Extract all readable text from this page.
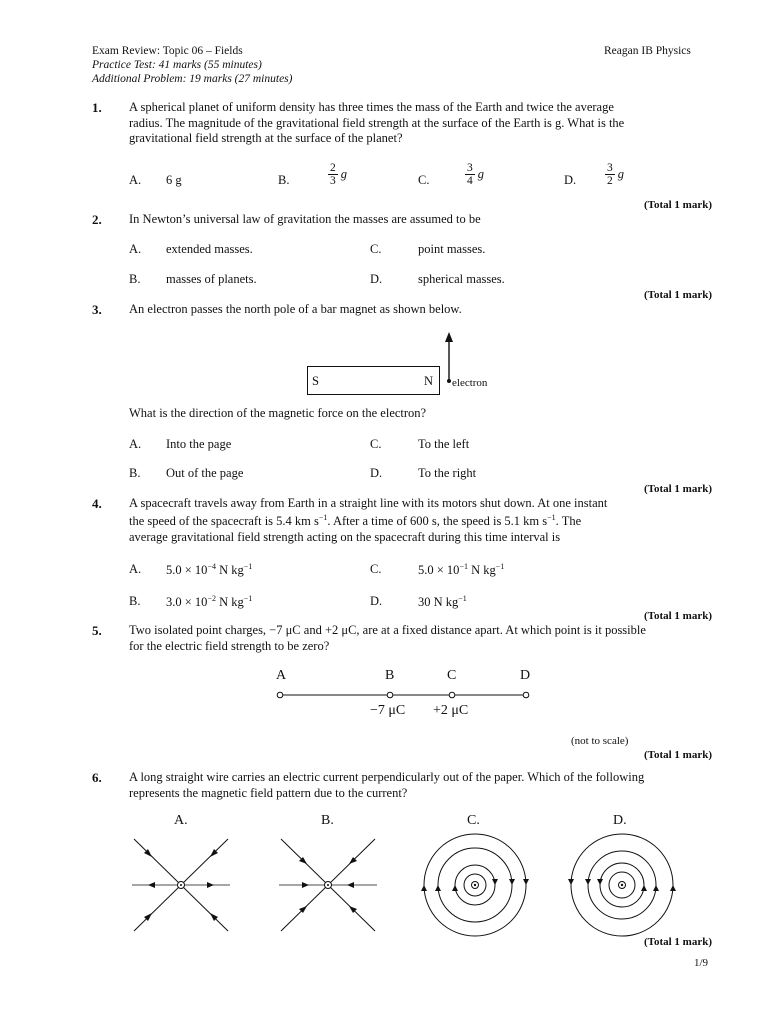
Exam Review: Topic 06 – Fields	Reagan IB Physics
Practice Test: 41 marks (55 minutes)
Additional Problem: 19 marks (27 minutes)
1. A spherical planet of uniform density has three times the mass of the Earth and twice the average radius. The magnitude of the gravitational field strength at the surface of the Earth is g. What is the gravitational field strength at the surface of the planet?
A. 6 g	B.	$\frac{2}{3}$ g	C.	$\frac{3}{4}$ g	D.	$\frac{3}{2}$ g
(Total 1 mark)
2. In Newton’s universal law of gravitation the masses are assumed to be
A. extended masses.	C.	point masses.
B. masses of planets.	D.	spherical masses.
(Total 1 mark)
3. An electron passes the north pole of a bar magnet as shown below.
S	N electron
What is the direction of the magnetic force on the electron?
A. Into the page	C.	To the left
B. Out of the page	D.	To the right
(Total 1 mark)
4. A spacecraft travels away from Earth in a straight line with its motors shut down. At one instant
the speed of the spacecraft is 5.4 km $s^{-1}$. After a time of 600 s, the speed is 5.1 km $s^{-1}$. The
average gravitational field strength acting on the spacecraft during this time interval is
A. $5.0 \times 10^{-4}$ N $kg^{-1}$	C.	$5.0 \times 10^{-1}$ N $kg^{-1}$
B. $3.0 \times 10^{-2}$ N $kg^{-1}$	D.	30 N $kg^{-1}$
(Total 1 mark)
5. Two isolated point charges, −7 μC and +2 μC, are at a fixed distance apart. At which point is it possible for the electric field strength to be zero?
A	B	C	D
−7 μC +2 μC
(not to scale)
(Total 1 mark)
6. A long straight wire carries an electric current perpendicularly out of the paper. Which of the following represents the magnetic field pattern due to the current?
A.	B.	C.	D.
(Total 1 mark)
1/9
